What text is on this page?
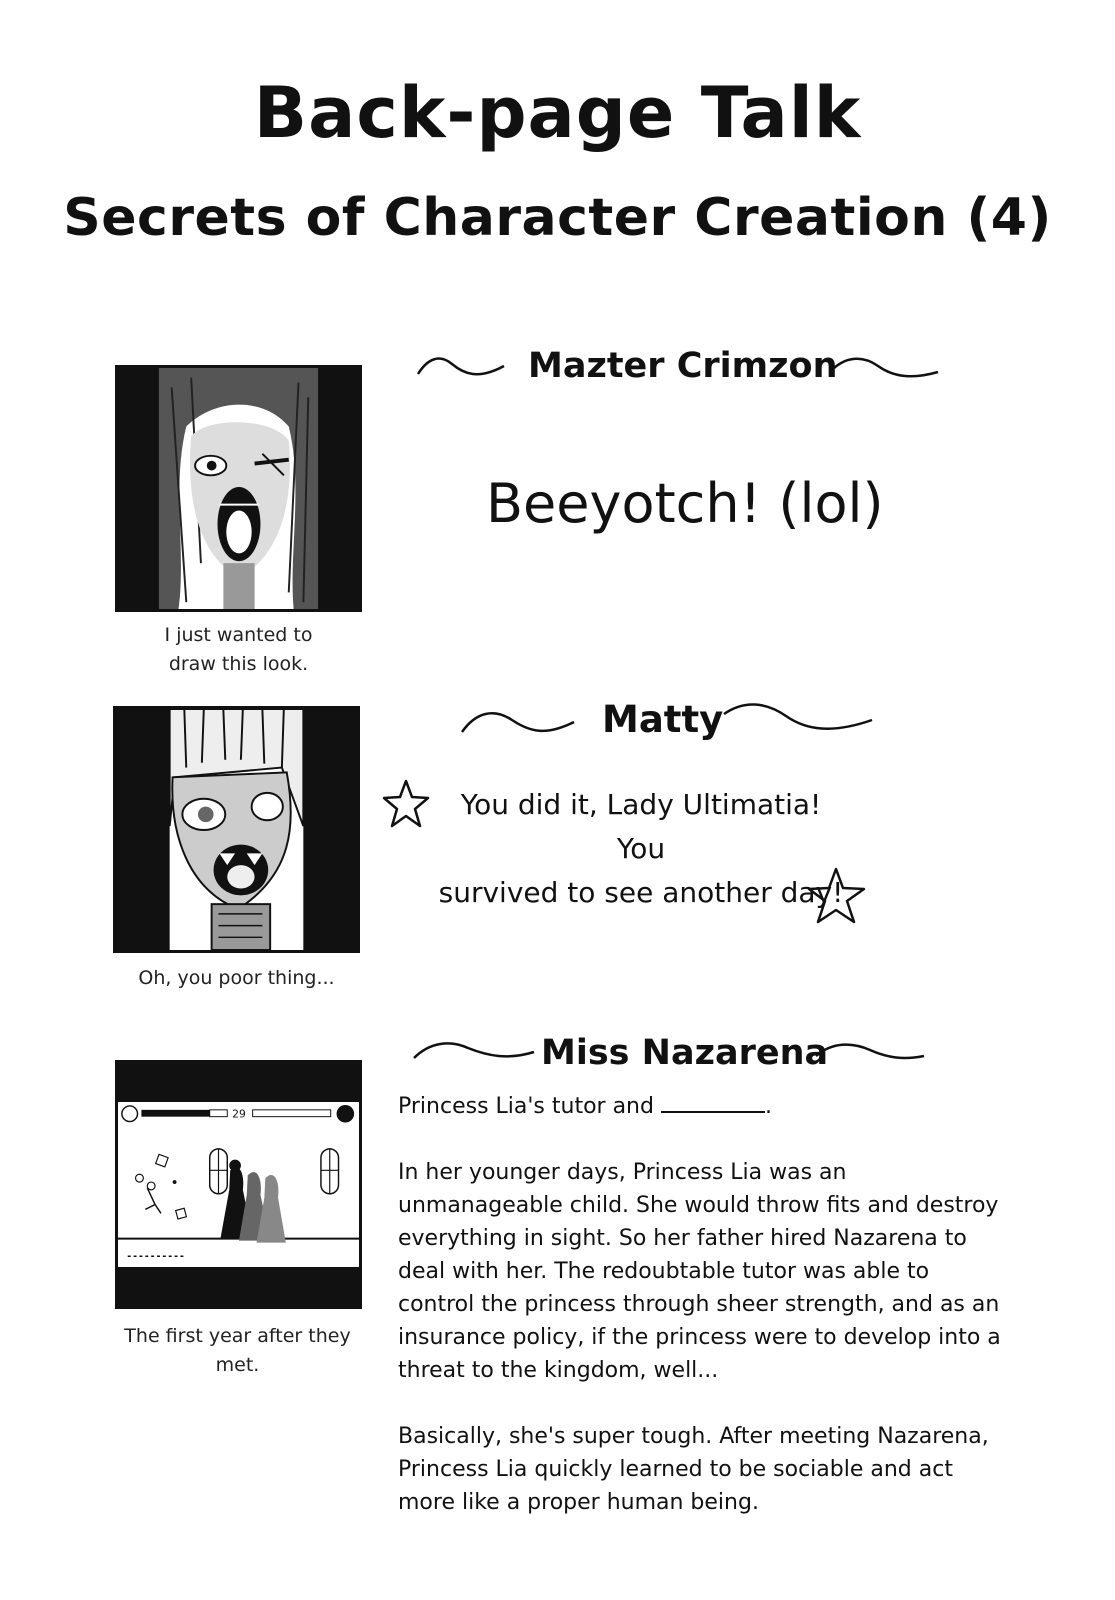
Back-page Talk
Secrets of Character Creation (4)
I just wanted to
draw this look.
Mazter Crimzon
Beeyotch! (lol)
Oh, you poor thing...
Matty
You did it, Lady Ultimatia! You
survived to see another day!
29
The first year after they met.
Miss Nazarena

Princess Lia's tutor and	.

In her younger days, Princess Lia was an unmanageable child. She would throw fits and destroy everything in sight. So her father hired Nazarena to deal with her. The redoubtable tutor was able to control the princess through sheer strength, and as an insurance policy, if the princess were to develop into a threat to the kingdom, well...

Basically, she's super tough. After meeting Nazarena, Princess Lia quickly learned to be sociable and act more like a proper human being.
